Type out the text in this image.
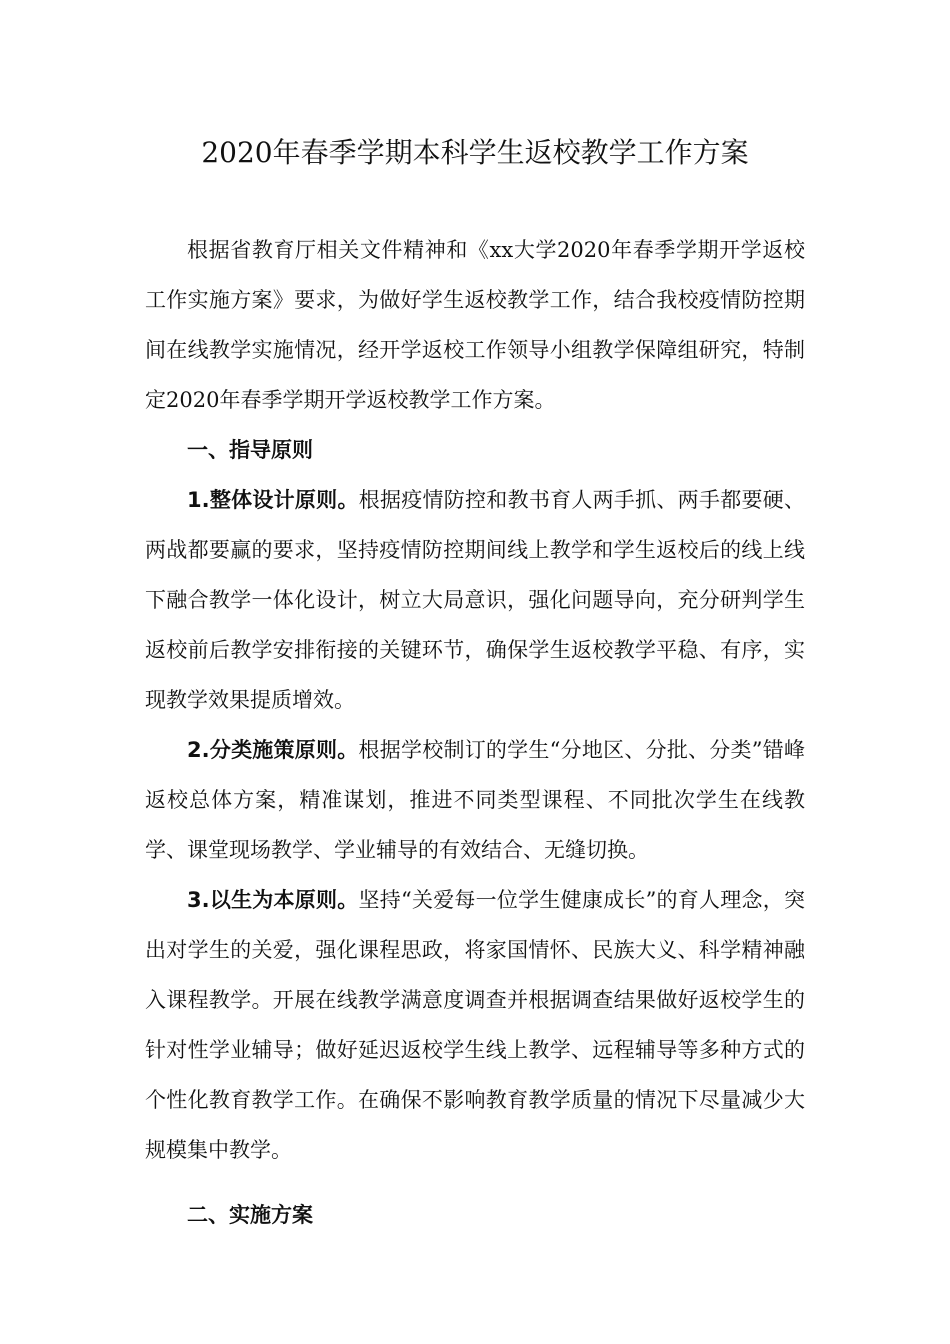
2020年春季学期本科学生返校教学工作方案

根据省教育厅相关文件精神和《xx大学2020年春季学期开学返校工作实施方案》要求，为做好学生返校教学工作，结合我校疫情防控期间在线教学实施情况，经开学返校工作领导小组教学保障组研究，特制定2020年春季学期开学返校教学工作方案。

一、指导原则

1.整体设计原则。根据疫情防控和教书育人两手抓、两手都要硬、两战都要赢的要求，坚持疫情防控期间线上教学和学生返校后的线上线下融合教学一体化设计，树立大局意识，强化问题导向，充分研判学生返校前后教学安排衔接的关键环节，确保学生返校教学平稳、有序，实现教学效果提质增效。

2.分类施策原则。根据学校制订的学生“分地区、分批、分类”错峰返校总体方案，精准谋划，推进不同类型课程、不同批次学生在线教学、课堂现场教学、学业辅导的有效结合、无缝切换。

3.以生为本原则。坚持“关爱每一位学生健康成长”的育人理念，突出对学生的关爱，强化课程思政，将家国情怀、民族大义、科学精神融入课程教学。开展在线教学满意度调查并根据调查结果做好返校学生的针对性学业辅导；做好延迟返校学生线上教学、远程辅导等多种方式的个性化教育教学工作。在确保不影响教育教学质量的情况下尽量减少大规模集中教学。

二、实施方案
